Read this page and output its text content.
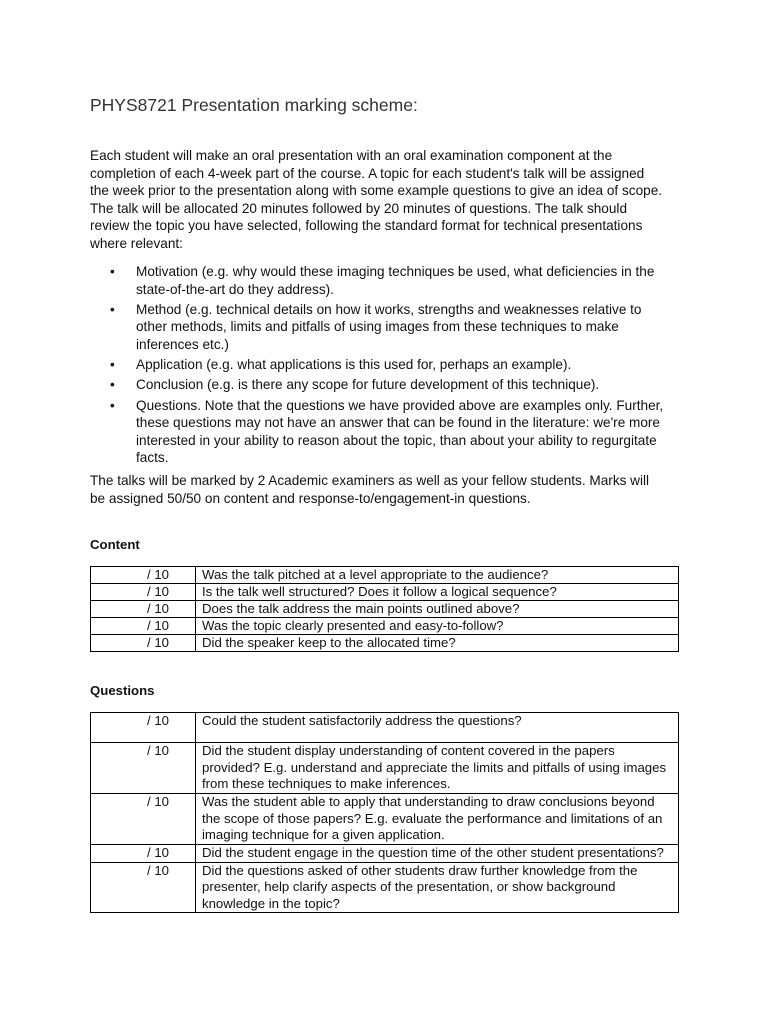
PHYS8721 Presentation marking scheme:

Each student will make an oral presentation with an oral examination component at the
completion of each 4-week part of the course. A topic for each student's talk will be assigned
the week prior to the presentation along with some example questions to give an idea of scope.
The talk will be allocated 20 minutes followed by 20 minutes of questions. The talk should
review the topic you have selected, following the standard format for technical presentations
where relevant:

• Motivation (e.g. why would these imaging techniques be used, what deficiencies in the
state-of-the-art do they address).
• Method (e.g. technical details on how it works, strengths and weaknesses relative to
other methods, limits and pitfalls of using images from these techniques to make
inferences etc.)
• Application (e.g. what applications is this used for, perhaps an example).
• Conclusion (e.g. is there any scope for future development of this technique).
• Questions. Note that the questions we have provided above are examples only. Further,
these questions may not have an answer that can be found in the literature: we're more
interested in your ability to reason about the topic, than about your ability to regurgitate
facts.

The talks will be marked by 2 Academic examiners as well as your fellow students. Marks will
be assigned 50/50 on content and response-to/engagement-in questions.

Content
/ 10	Was the talk pitched at a level appropriate to the audience?
/ 10	Is the talk well structured? Does it follow a logical sequence?
/ 10	Does the talk address the main points outlined above?
/ 10	Was the topic clearly presented and easy-to-follow?
/ 10	Did the speaker keep to the allocated time?
Questions
/ 10	Could the student satisfactorily address the questions?

/ 10	Did the student display understanding of content covered in the papers
provided? E.g. understand and appreciate the limits and pitfalls of using images
from these techniques to make inferences.

/ 10	Was the student able to apply that understanding to draw conclusions beyond
the scope of those papers? E.g. evaluate the performance and limitations of an
imaging technique for a given application.

/ 10	Did the student engage in the question time of the other student presentations?

/ 10	Did the questions asked of other students draw further knowledge from the
presenter, help clarify aspects of the presentation, or show background
knowledge in the topic?
